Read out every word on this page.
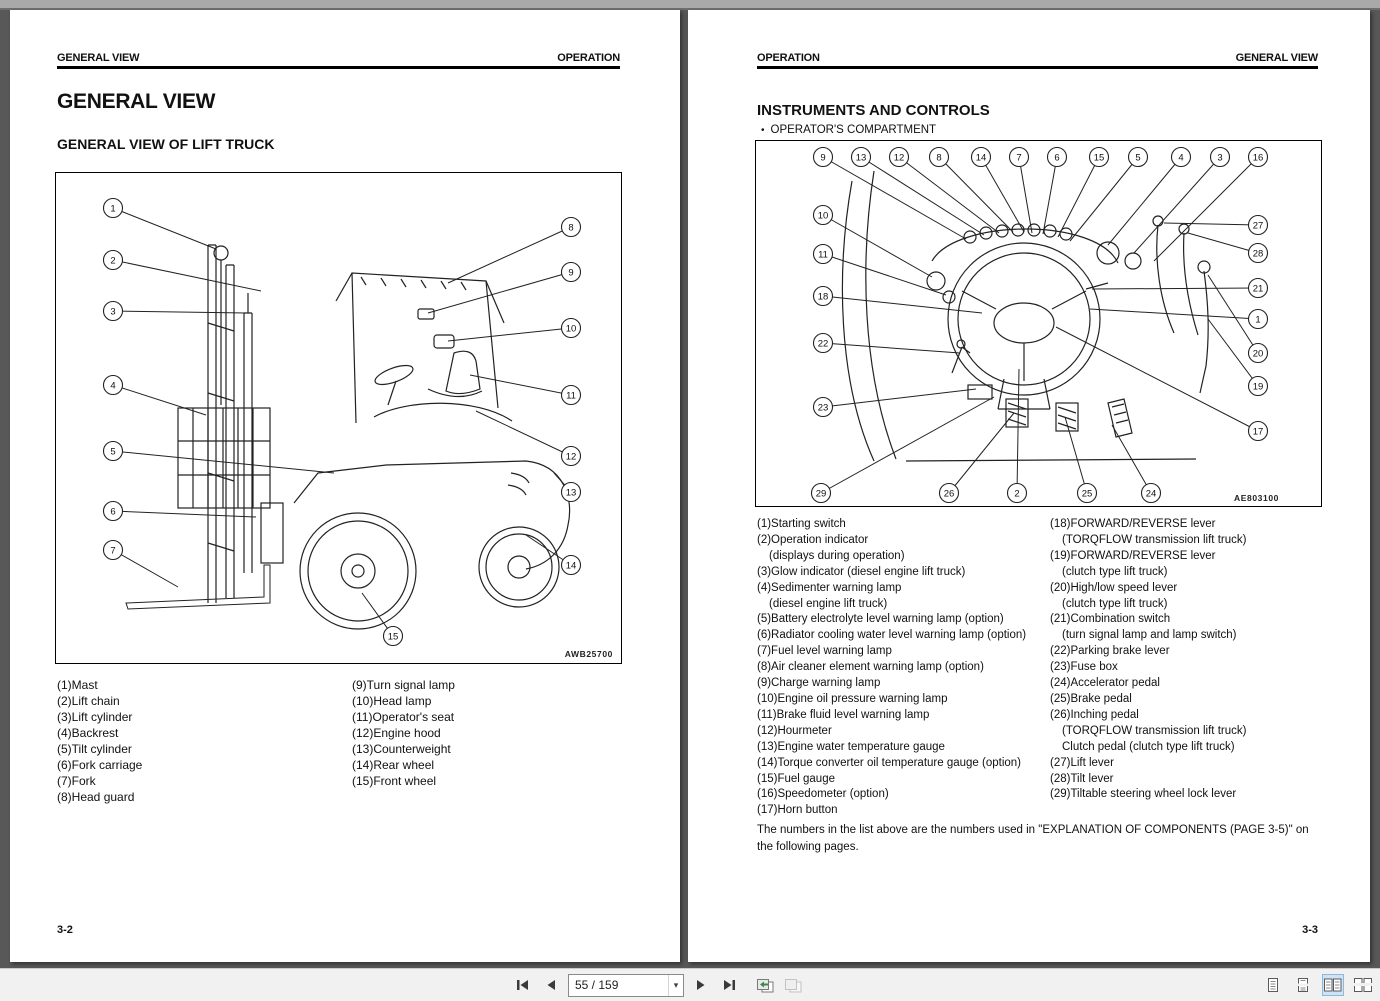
GENERAL VIEW	OPERATION
GENERAL VIEW
GENERAL VIEW OF LIFT TRUCK
1
2
3
4
5
6
7
8
9
10
11
12
13
14
15
AWB25700
(1)Mast
(2)Lift chain
(3)Lift cylinder
(4)Backrest
(5)Tilt cylinder
(6)Fork carriage
(7)Fork
(8)Head guard
(9)Turn signal lamp
(10)Head lamp
(11)Operator's seat
(12)Engine hood
(13)Counterweight
(14)Rear wheel
(15)Front wheel
3-2
OPERATION	GENERAL VIEW
INSTRUMENTS AND CONTROLS
• OPERATOR'S COMPARTMENT
9	13	12	8	14	7	6	15	5	4	3	16
10
11
18
22
23
29	26	2	25	24
27
28
21
1
20
19
17
AE803100
(1)Starting switch
(2)Operation indicator
(displays during operation)
(3)Glow indicator (diesel engine lift truck)
(4)Sedimenter warning lamp
(diesel engine lift truck)
(5)Battery electrolyte level warning lamp (option)
(6)Radiator cooling water level warning lamp (option)
(7)Fuel level warning lamp
(8)Air cleaner element warning lamp (option)
(9)Charge warning lamp
(10)Engine oil pressure warning lamp
(11)Brake fluid level warning lamp
(12)Hourmeter
(13)Engine water temperature gauge
(14)Torque converter oil temperature gauge (option)
(15)Fuel gauge
(16)Speedometer (option)
(17)Horn button
(18)FORWARD/REVERSE lever
(TORQFLOW transmission lift truck)
(19)FORWARD/REVERSE lever
(clutch type lift truck)
(20)High/low speed lever
(clutch type lift truck)
(21)Combination switch
(turn signal lamp and lamp switch)
(22)Parking brake lever
(23)Fuse box
(24)Accelerator pedal
(25)Brake pedal
(26)Inching pedal
(TORQFLOW transmission lift truck)
Clutch pedal (clutch type lift truck)
(27)Lift lever
(28)Tilt lever
(29)Tiltable steering wheel lock lever
The numbers in the list above are the numbers used in "EXPLANATION OF COMPONENTS (PAGE 3-5)" on the following pages.
3-3
55 / 159	▾
